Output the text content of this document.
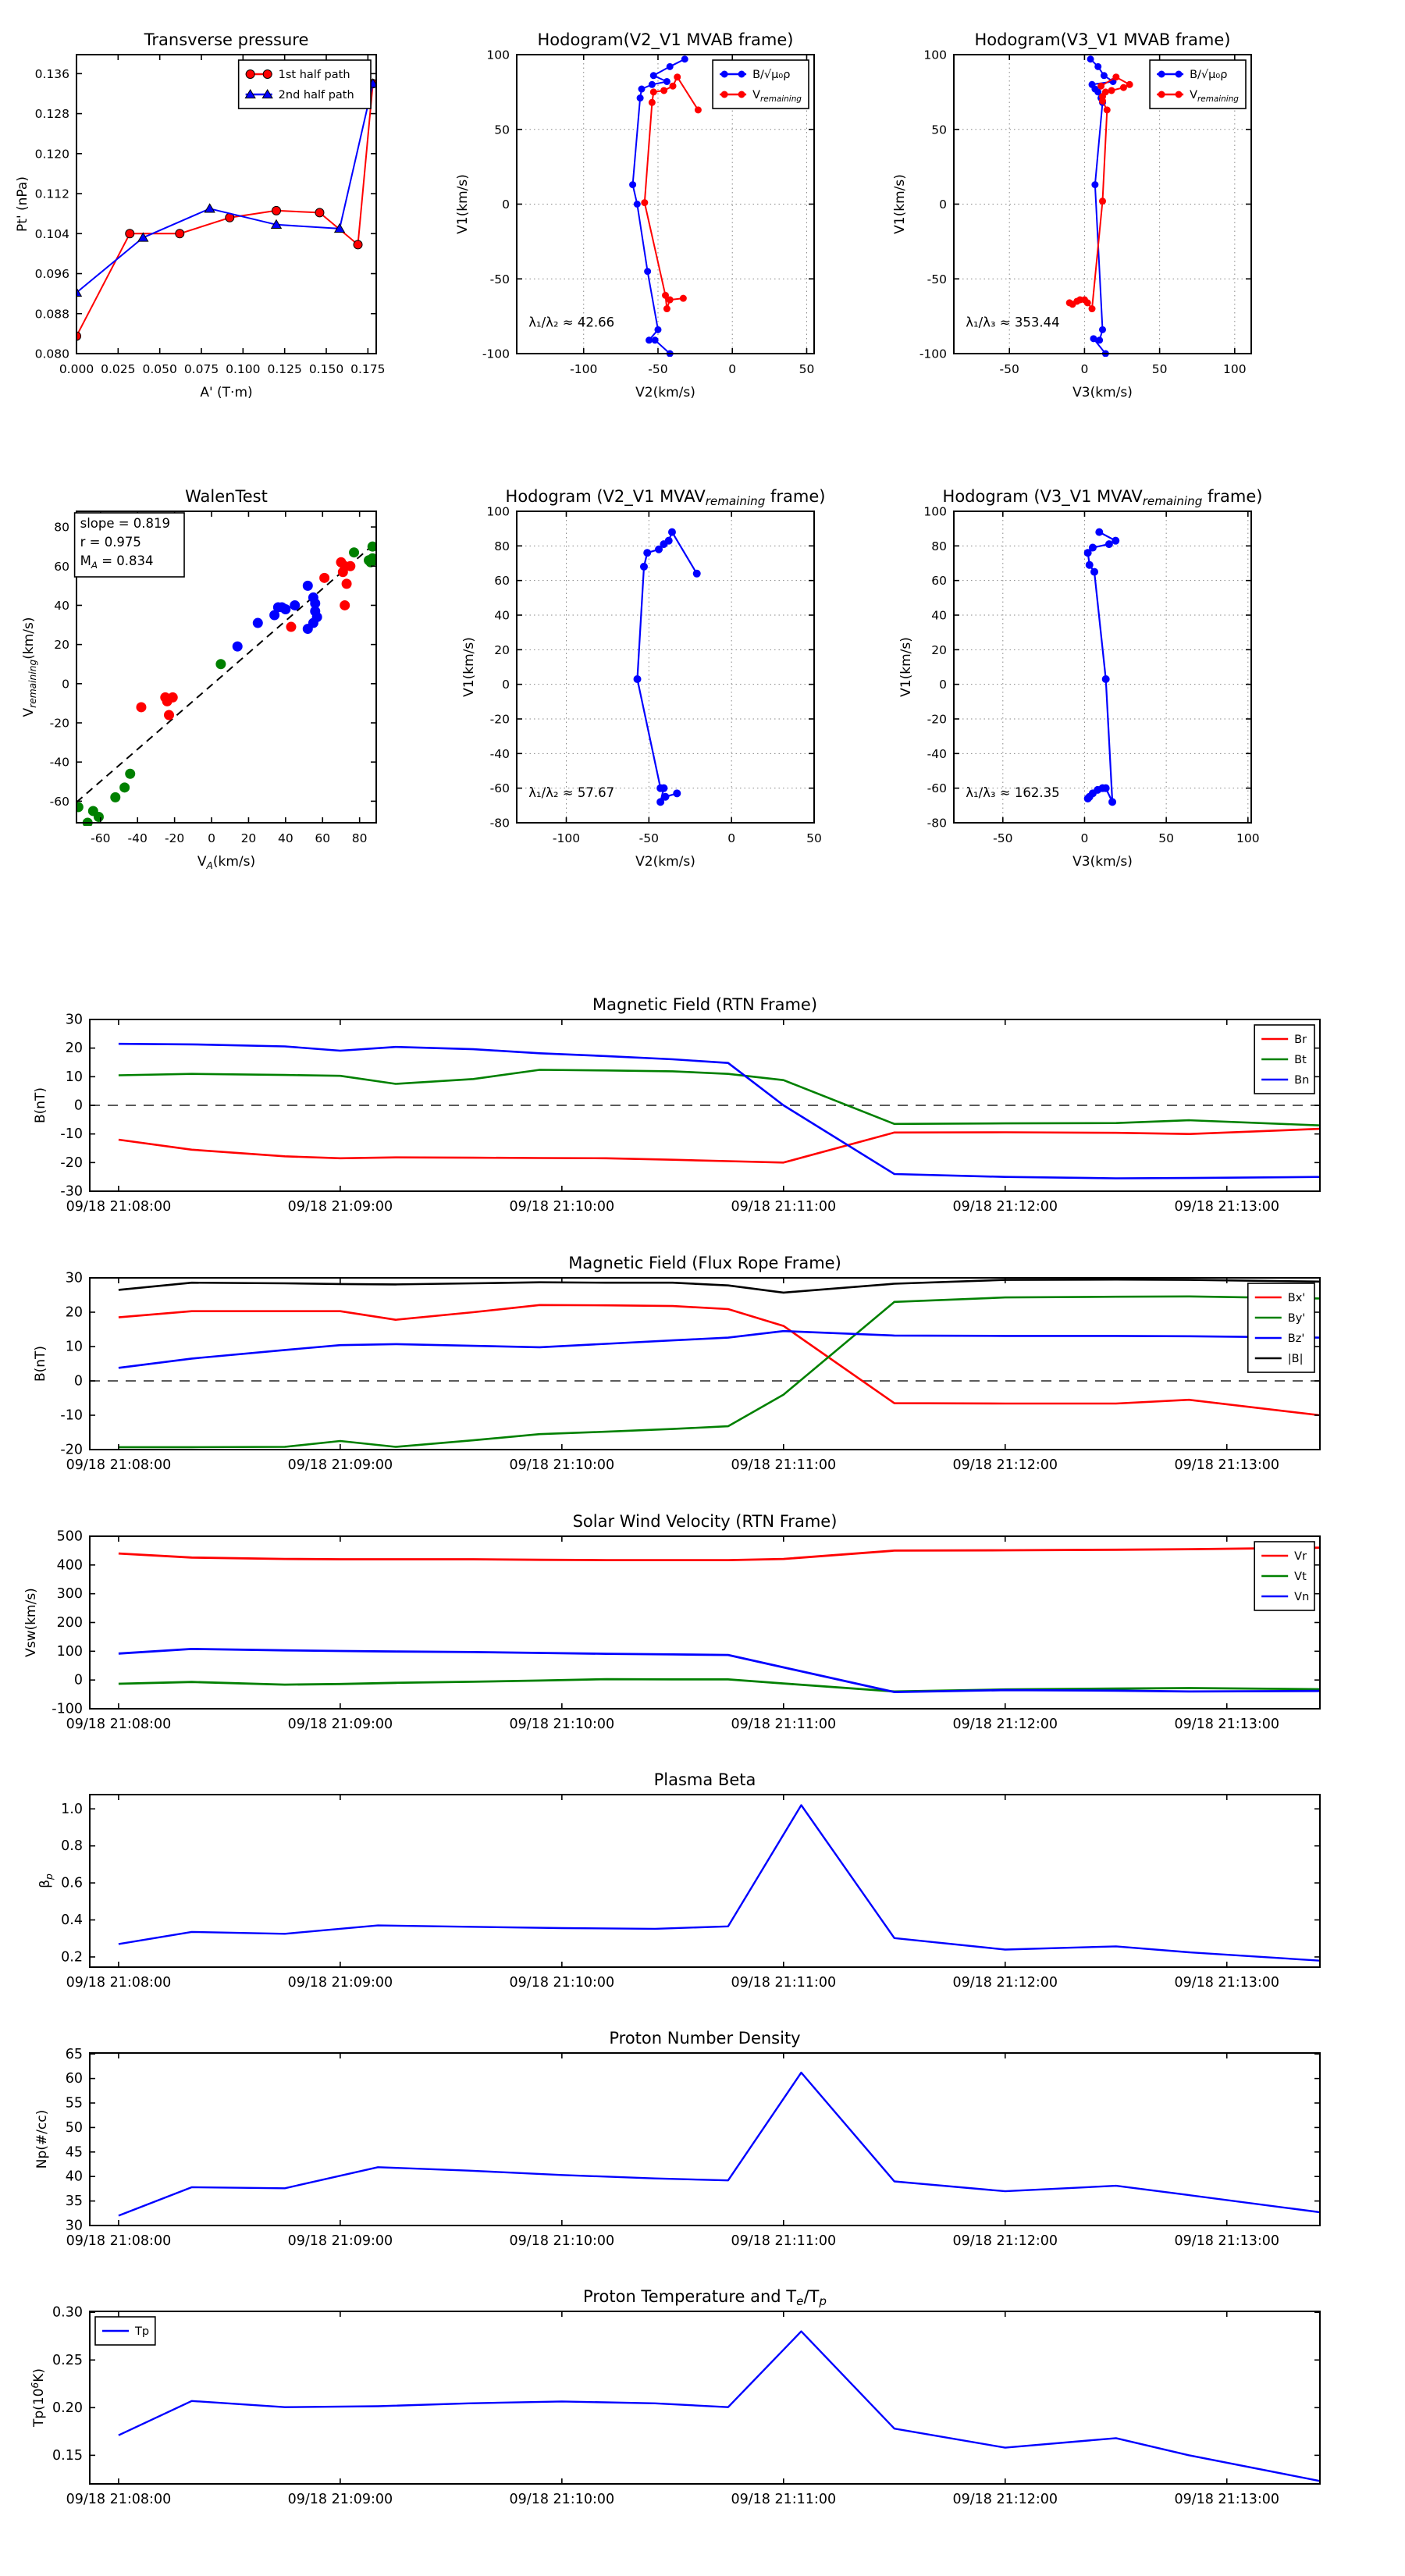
0.000 0.025 0.050 0.075 0.100 0.125 0.150 0.175
0.080
0.088
0.096
0.104
0.112
0.120
0.128
0.136
Transverse pressure
A' (T·m)
Pt' (nPa)
1st half path
2nd half path
-100	-50	0	50
-100
-50
0
50
100
Hodogram(V2_V1 MVAB frame)
V2(km/s)
V1(km/s)
B/√μ₀ρ
$V_{remaining}$
λ₁/λ₂ ≈ 42.66
-50	0	50	100
-100
-50
0
50
100
Hodogram(V3_V1 MVAB frame)
V3(km/s)
V1(km/s)
B/√μ₀ρ
$V_{remaining}$
λ₁/λ₃ ≈ 353.44
-60 -40 -20 0 20 40 60 80
-60
-40
-20
0
20
40
60
80
WalenTest
$V_A(km/s)$
$V_{remaining}(km/s)$
slope = 0.819
r = 0.975
$M_A = 0.834$
-100	-50	0	50
-80
-60
-40
-20
0
20
40
60
80
100
Hodogram (V2_V1 MVAVremaining frame)
V2(km/s)
V1(km/s)
λ₁/λ₂ ≈ 57.67
-50	0	50	100
-80
-60
-40
-20
0
20
40
60
80
100
Hodogram (V3_V1 MVAVremaining frame)
V3(km/s)
V1(km/s)
λ₁/λ₃ ≈ 162.35
09/18 21:08:00	09/18 21:09:00	09/18 21:10:00	09/18 21:11:00	09/18 21:12:00	09/18 21:13:00
-30
-20
-10
0
10
20
30
Magnetic Field (RTN Frame)
B(nT)
Br
Bt
Bn
09/18 21:08:00	09/18 21:09:00	09/18 21:10:00	09/18 21:11:00	09/18 21:12:00	09/18 21:13:00
-20
-10
0
10
20
30
Magnetic Field (Flux Rope Frame)
B(nT)
Bx'
By'
Bz'
|B|
09/18 21:08:00	09/18 21:09:00	09/18 21:10:00	09/18 21:11:00	09/18 21:12:00	09/18 21:13:00
-100
0
100
200
300
400
500
Solar Wind Velocity (RTN Frame)
Vsw(km/s)
Vr
Vt
Vn
09/18 21:08:00	09/18 21:09:00	09/18 21:10:00	09/18 21:11:00	09/18 21:12:00	09/18 21:13:00
0.2
0.4
0.6
0.8
1.0
Plasma Beta
$\beta_p$
09/18 21:08:00	09/18 21:09:00	09/18 21:10:00	09/18 21:11:00	09/18 21:12:00	09/18 21:13:00
30
35
40
45
50
55
60
65
Proton Number Density
Np(#/cc)
09/18 21:08:00	09/18 21:09:00	09/18 21:10:00	09/18 21:11:00	09/18 21:12:00	09/18 21:13:00
0.15
0.20
0.25
0.30
Proton Temperature and Te/Tp
$Tp(10^6K)$
Tp
